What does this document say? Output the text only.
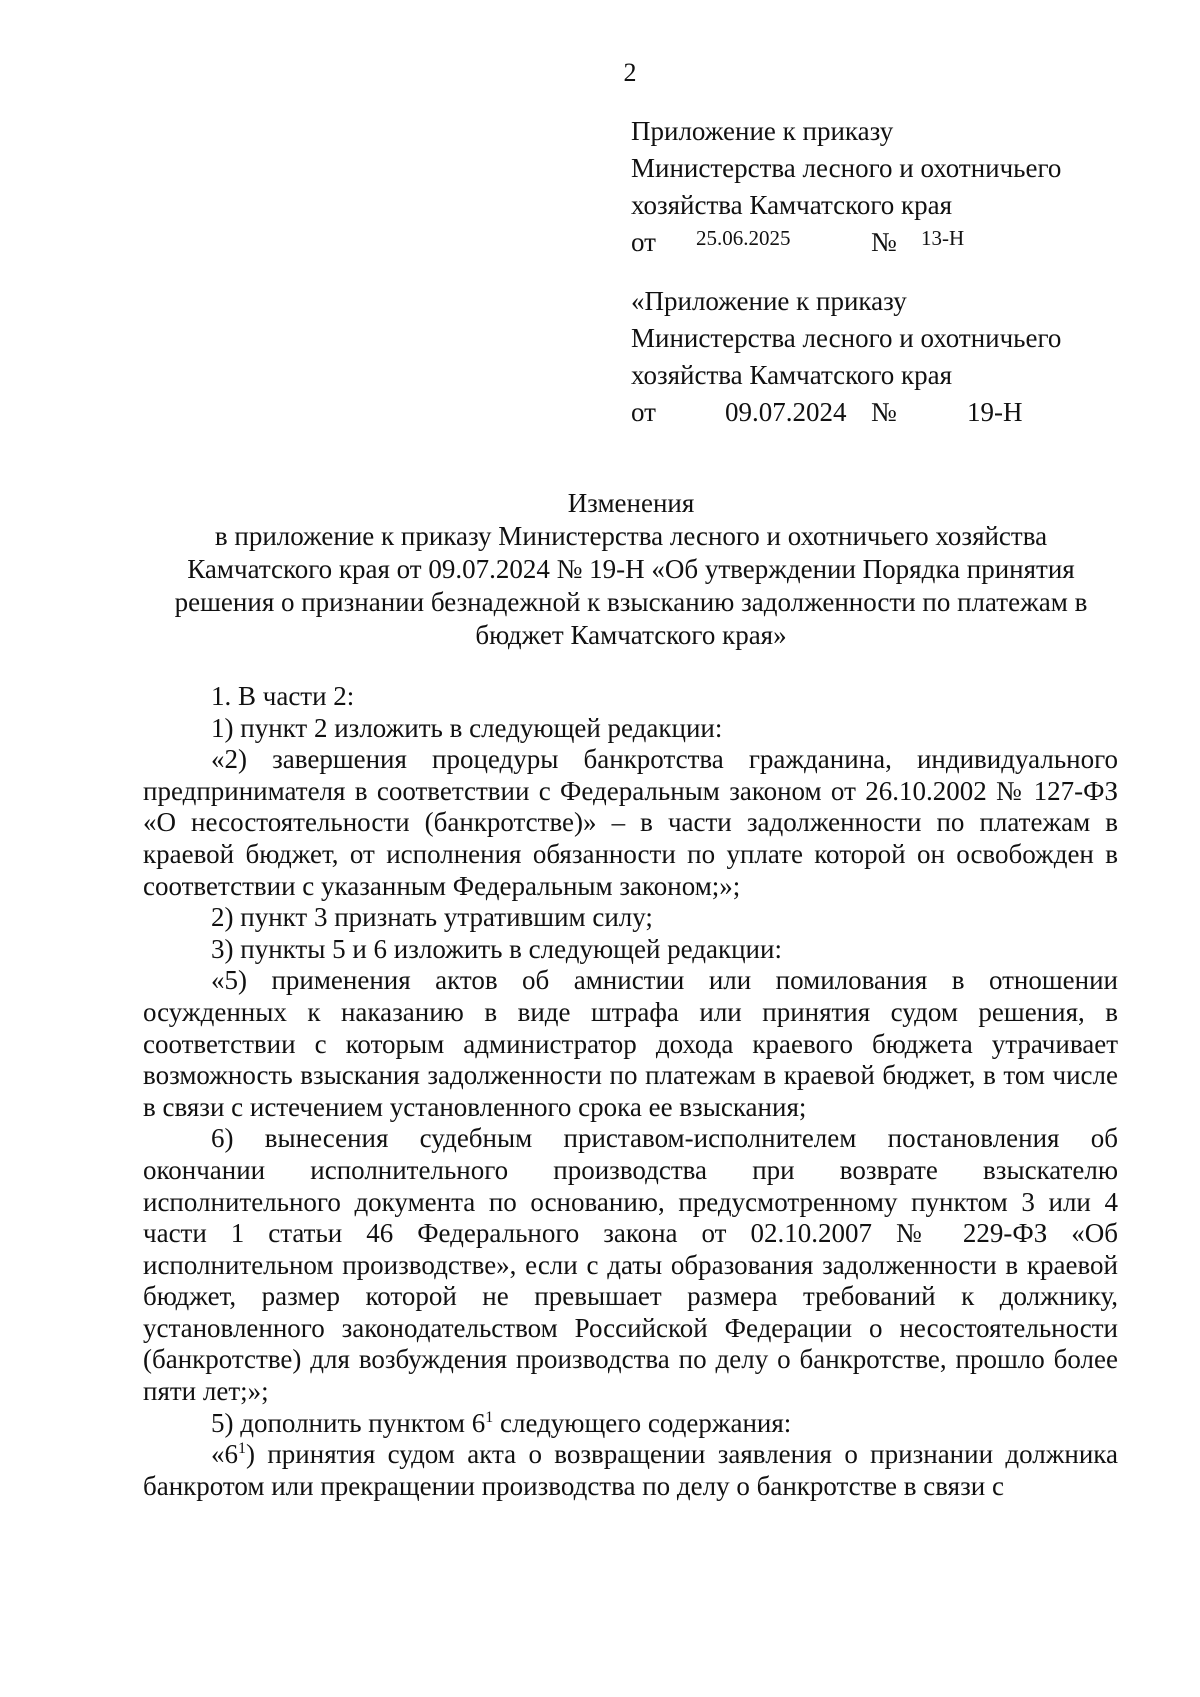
2
Приложение к приказу
Министерства лесного и охотничьего
хозяйства Камчатского края
от 25.06.2025	№ 13-Н
«Приложение к приказу
Министерства лесного и охотничьего
хозяйства Камчатского края
от	09.07.2024 №	19-Н
Изменения
в приложение к приказу Министерства лесного и охотничьего хозяйства
Камчатского края от 09.07.2024 № 19-Н «Об утверждении Порядка принятия
решения о признании безнадежной к взысканию задолженности по платежам в
бюджет Камчатского края»

1. В части 2:

1) пункт 2 изложить в следующей редакции:

«2) завершения процедуры банкротства гражданина, индивидуального предпринимателя в соответствии с Федеральным законом от 26.10.2002 № 127-ФЗ «О несостоятельности (банкротстве)» – в части задолженности по платежам в краевой бюджет, от исполнения обязанности по уплате которой он освобожден в соответствии с указанным Федеральным законом;»;

2) пункт 3 признать утратившим силу;

3) пункты 5 и 6 изложить в следующей редакции:

«5) применения актов об амнистии или помилования в отношении осужденных к наказанию в виде штрафа или принятия судом решения, в соответствии с которым администратор дохода краевого бюджета утрачивает возможность взыскания задолженности по платежам в краевой бюджет, в том числе в связи с истечением установленного срока ее взыскания;

6) вынесения судебным приставом-исполнителем постановления об окончании исполнительного производства при возврате взыскателю исполнительного документа по основанию, предусмотренному пунктом 3 или 4 части 1 статьи 46 Федерального закона от 02.10.2007 № 229-ФЗ «Об исполнительном производстве», если с даты образования задолженности в краевой бюджет, размер которой не превышает размера требований к должнику, установленного законодательством Российской Федерации о несостоятельности (банкротстве) для возбуждения производства по делу о банкротстве, прошло более пяти лет;»;

5) дополнить пунктом $6^1$ следующего содержания:

«$6^1$) принятия судом акта о возвращении заявления о признании должника банкротом или прекращении производства по делу о банкротстве в связи с
